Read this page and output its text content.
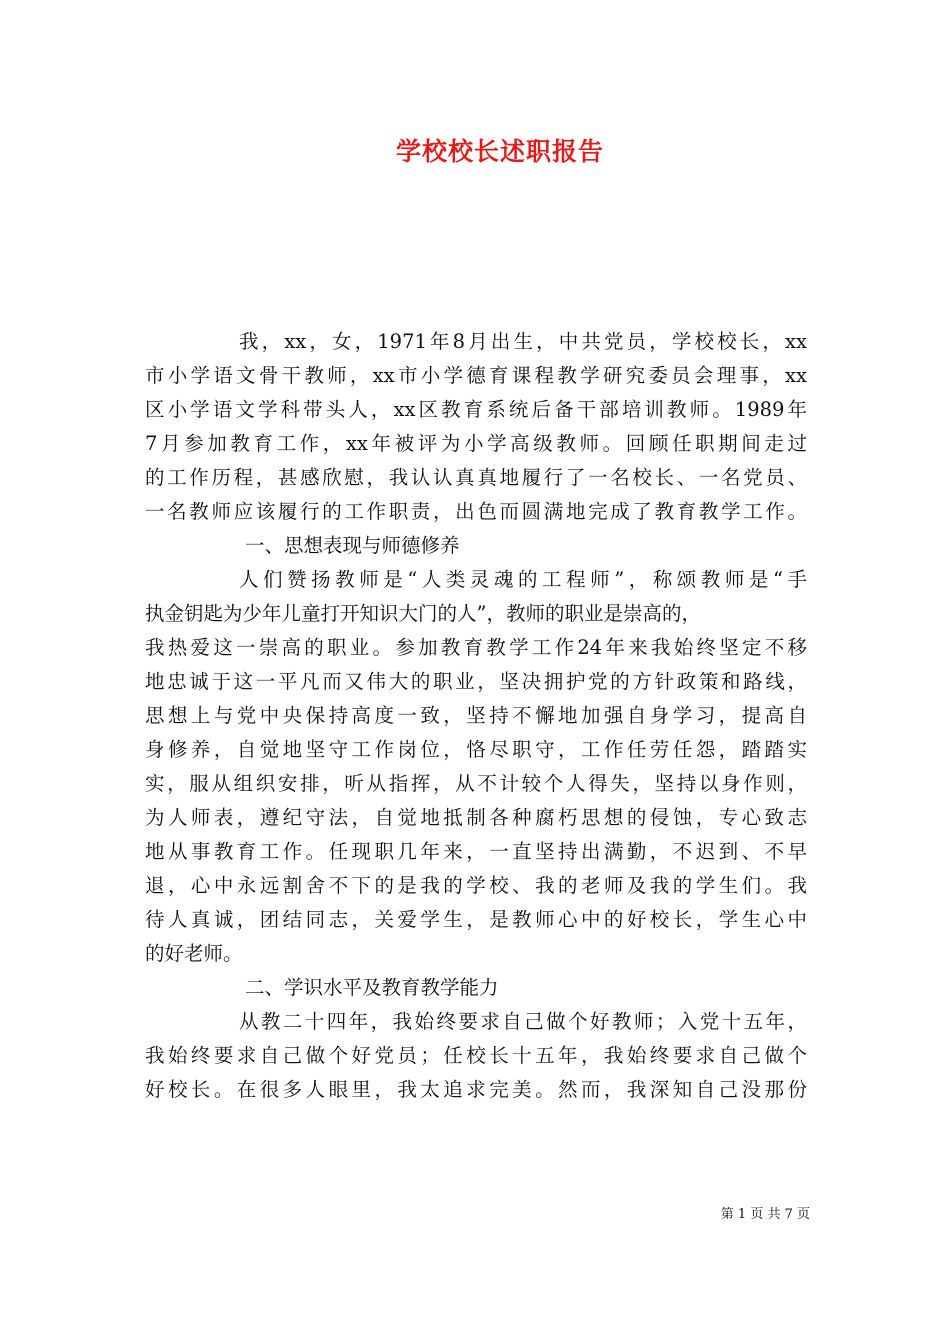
学校校长述职报告
我，xx，女，1971年8月出生，中共党员，学校校长，xx
市小学语文骨干教师，xx市小学德育课程教学研究委员会理事，xx
区小学语文学科带头人，xx区教育系统后备干部培训教师。1989年
7月参加教育工作，xx年被评为小学高级教师。回顾任职期间走过
的工作历程，甚感欣慰，我认认真真地履行了一名校长、一名党员、
一名教师应该履行的工作职责，出色而圆满地完成了教育教学工作。
一、思想表现与师德修养
人们赞扬教师是“人类灵魂的工程师”，称颂教师是“手
执金钥匙为少年儿童打开知识大门的人”，教师的职业是崇高的，
我热爱这一崇高的职业。参加教育教学工作24年来我始终坚定不移
地忠诚于这一平凡而又伟大的职业，坚决拥护党的方针政策和路线，
思想上与党中央保持高度一致，坚持不懈地加强自身学习，提高自
身修养，自觉地坚守工作岗位，恪尽职守，工作任劳任怨，踏踏实
实，服从组织安排，听从指挥，从不计较个人得失，坚持以身作则，
为人师表，遵纪守法，自觉地抵制各种腐朽思想的侵蚀，专心致志
地从事教育工作。任现职几年来，一直坚持出满勤，不迟到、不早
退，心中永远割舍不下的是我的学校、我的老师及我的学生们。我
待人真诚，团结同志，关爱学生，是教师心中的好校长，学生心中
的好老师。
二、学识水平及教育教学能力
从教二十四年，我始终要求自己做个好教师；入党十五年，
我始终要求自己做个好党员；任校长十五年，我始终要求自己做个
好校长。在很多人眼里，我太追求完美。然而，我深知自己没那份
第 1 页 共 7 页
